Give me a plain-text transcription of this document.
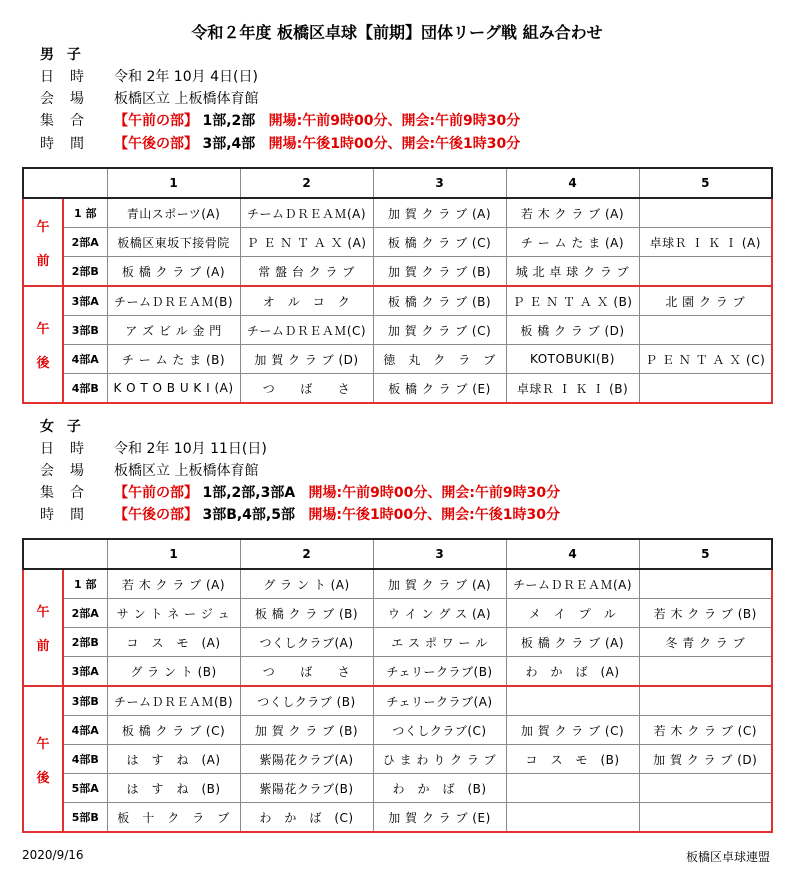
令和２年度 板橋区卓球【前期】団体リーグ戦 組み合わせ
男 子
日　時 令和 2年 10月 4日(日)
会　場 板橋区立 上板橋体育館
集　合 【午前の部】 1部,2部 開場:午前9時00分、開会:午前9時30分
時　間 【午後の部】 3部,4部 開場:午後1時00分、開会:午後1時30分
		1	2	3	4	5
午

前	1 部	青山スポーツ(A)	チームＤＲＥＡＭ(A)	加 賀 ク ラ ブ (A)	若 木 ク ラ ブ (A)	
	2部A	板橋区東坂下接骨院	Ｐ Ｅ Ｎ Ｔ Ａ Ｘ (A)	板 橋 ク ラ ブ (C)	チ ー ム た ま (A)	卓球Ｒ Ｉ Ｋ Ｉ (A)
	2部B	板 橋 ク ラ ブ (A)	常 盤 台 ク ラ ブ	加 賀 ク ラ ブ (B)	城 北 卓 球 ク ラ ブ	
午

後	3部A	チームＤＲＥＡＭ(B)	オ　ル　コ　ク	板 橋 ク ラ ブ (B)	Ｐ Ｅ Ｎ Ｔ Ａ Ｘ (B)	北 園 ク ラ ブ
	3部B	ア ズ ビ ル 金 門	チームＤＲＥＡＭ(C)	加 賀 ク ラ ブ (C)	板 橋 ク ラ ブ (D)	
	4部A	チ ー ム た ま (B)	加 賀 ク ラ ブ (D)	徳　丸　ク　ラ　ブ	KOTOBUKI(B)	Ｐ Ｅ Ｎ Ｔ Ａ Ｘ (C)
	4部B	K O T O B U K I (A)	つ　　ば　　さ	板 橋 ク ラ ブ (E)	卓球Ｒ Ｉ Ｋ Ｉ (B)	
女 子
日　時 令和 2年 10月 11日(日)
会　場 板橋区立 上板橋体育館
集　合 【午前の部】 1部,2部,3部A 開場:午前9時00分、開会:午前9時30分
時　間 【午後の部】 3部B,4部,5部 開場:午後1時00分、開会:午後1時30分
		1	2	3	4	5
午

前	1 部	若 木 ク ラ ブ (A)	グ ラ ン ト (A)	加 賀 ク ラ ブ (A)	チームＤＲＥＡＭ(A)	
	2部A	サ ン ト ネ ー ジ ュ	板 橋 ク ラ ブ (B)	ウ イ ン グ ス (A)	メ　イ　プ　ル	若 木 ク ラ ブ (B)
	2部B	コ　ス　モ　(A)	つくしクラブ(A)	エ ス ポ ワ ー ル	板 橋 ク ラ ブ (A)	冬 青 ク ラ ブ
	3部A	グ ラ ン ト (B)	つ　　ば　　さ	チェリークラブ(B)	わ　か　ば　(A)	
午

後	3部B	チームＤＲＥＡＭ(B)	つくしクラブ (B)	チェリークラブ(A)		
	4部A	板 橋 ク ラ ブ (C)	加 賀 ク ラ ブ (B)	つくしクラブ(C)	加 賀 ク ラ ブ (C)	若 木 ク ラ ブ (C)
	4部B	は　す　ね　(A)	紫陽花クラブ(A)	ひ ま わ り ク ラ ブ	コ　ス　モ　(B)	加 賀 ク ラ ブ (D)
	5部A	は　す　ね　(B)	紫陽花クラブ(B)	わ　か　ば　(B)		
	5部B	板　十　ク　ラ　ブ	わ　か　ば　(C)	加 賀 ク ラ ブ (E)		
2020/9/16	板橋区卓球連盟
